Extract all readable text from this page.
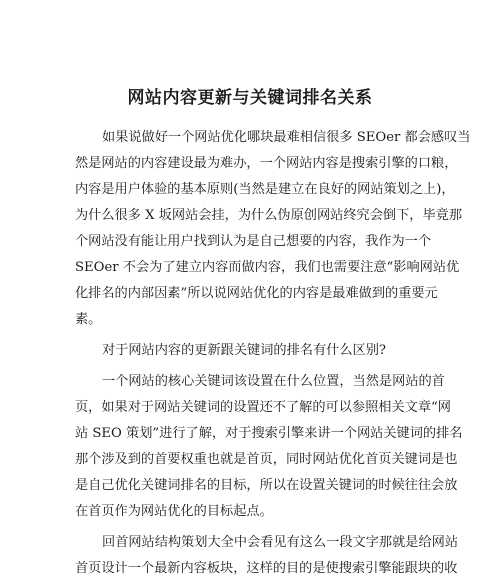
网站内容更新与关键词排名关系
如果说做好一个网站优化哪块最难相信很多 SEOer 都会感叹当
然是网站的内容建设最为难办，一个网站内容是搜索引擎的口粮，
内容是用户体验的基本原则(当然是建立在良好的网站策划之上)，
为什么很多 X 坂网站会挂，为什么伪原创网站终究会倒下，毕竟那
个网站没有能让用户找到认为是自己想要的内容，我作为一个
SEOer 不会为了建立内容而做内容，我们也需要注意“影响网站优
化排名的内部因素”所以说网站优化的内容是最难做到的重要元
素。
对于网站内容的更新跟关键词的排名有什么区别?
一个网站的核心关键词该设置在什么位置，当然是网站的首
页，如果对于网站关键词的设置还不了解的可以参照相关文章“网
站 SEO 策划”进行了解，对于搜索引擎来讲一个网站关键词的排名
那个涉及到的首要权重也就是首页，同时网站优化首页关键词是也
是自己优化关键词排名的目标，所以在设置关键词的时候往往会放
在首页作为网站优化的目标起点。
回首网站结构策划大全中会看见有这么一段文字那就是给网站
首页设计一个最新内容板块，这样的目的是使搜索引擎能跟块的收
